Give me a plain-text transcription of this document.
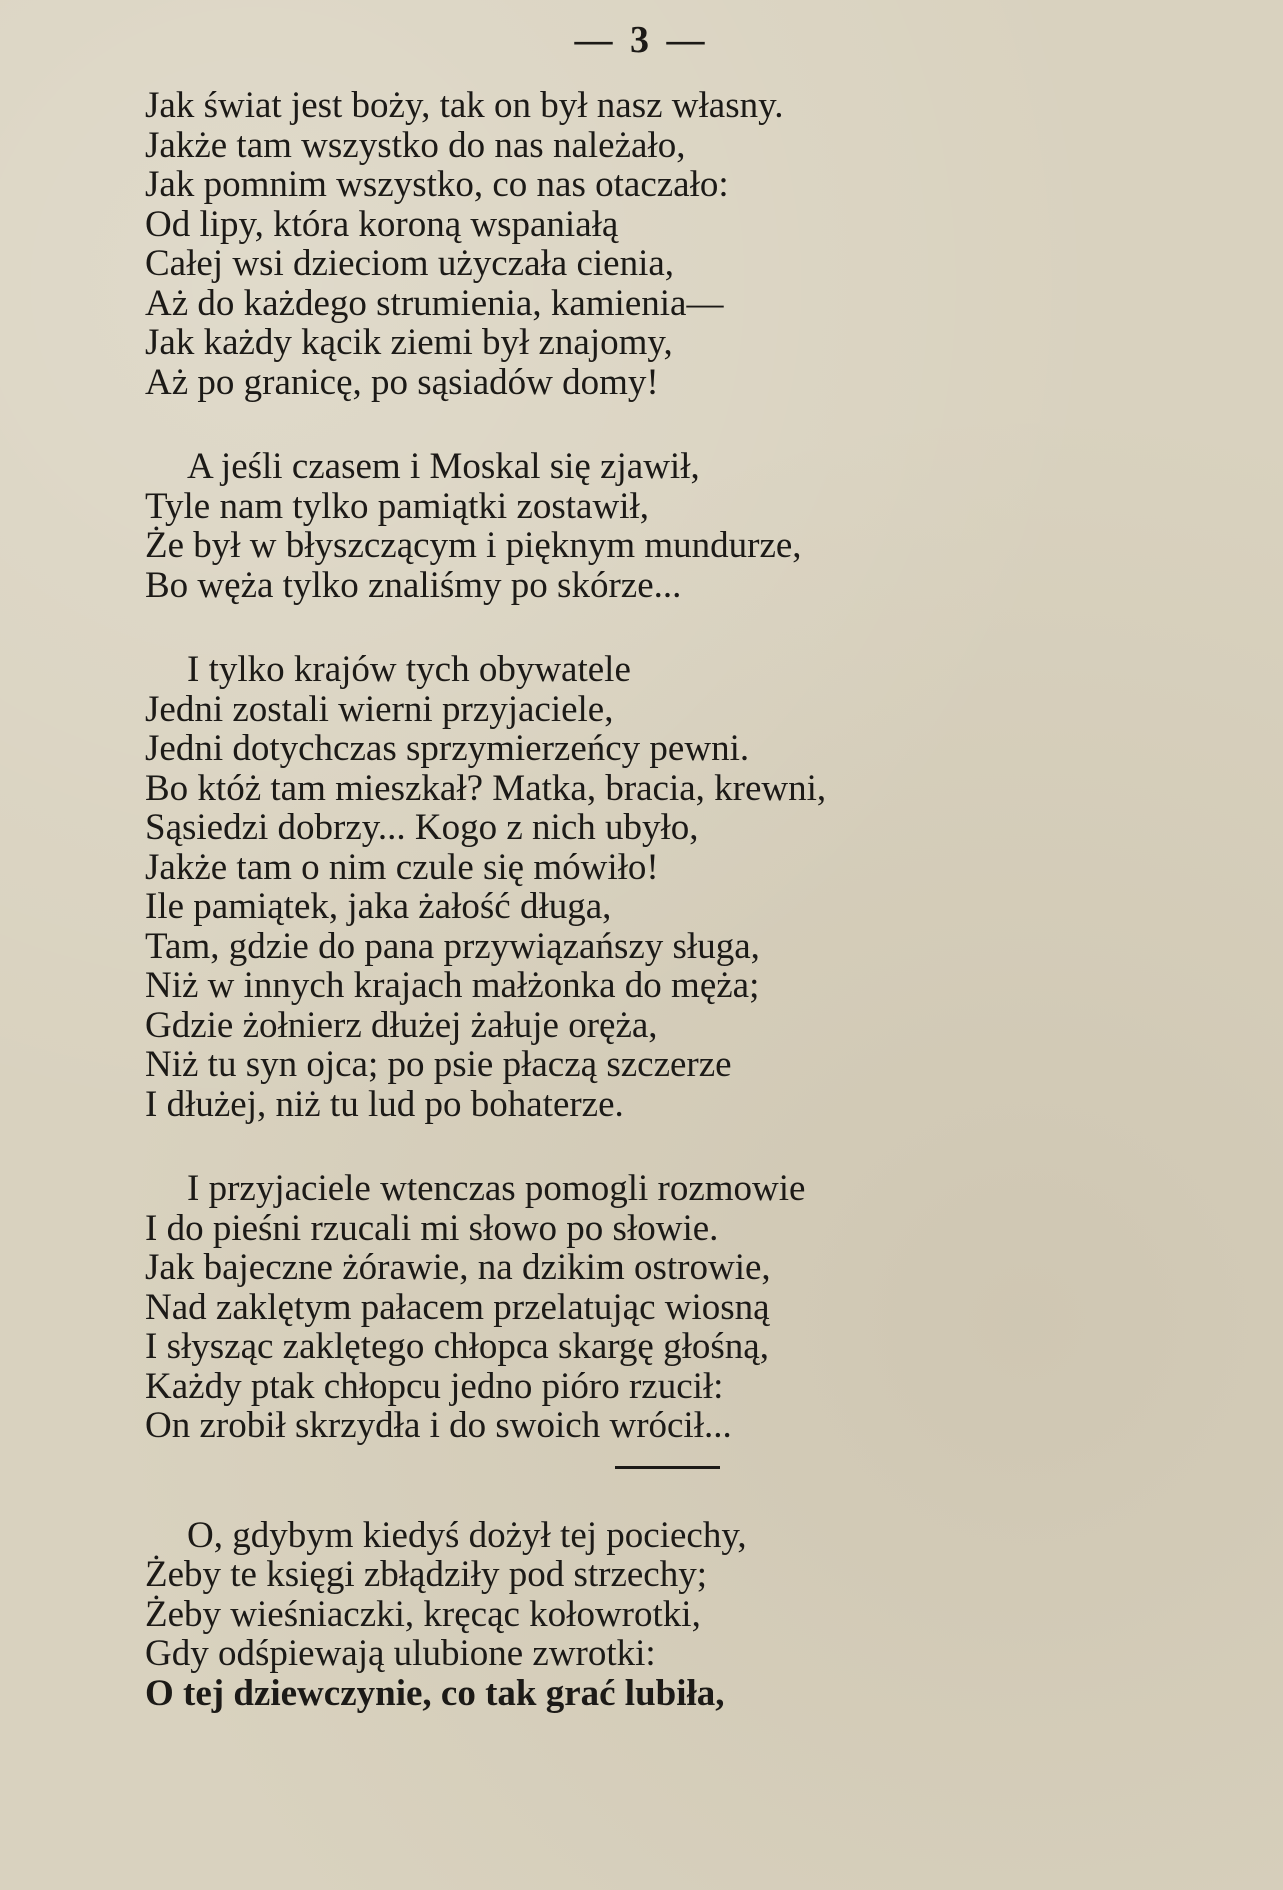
— 3 —
Jak świat jest boży, tak on był nasz własny.
Jakże tam wszystko do nas należało,
Jak pomnim wszystko, co nas otaczało:
Od lipy, która koroną wspaniałą
Całej wsi dzieciom użyczała cienia,
Aż do każdego strumienia, kamienia—
Jak każdy kącik ziemi był znajomy,
Aż po granicę, po sąsiadów domy!
A jeśli czasem i Moskal się zjawił,
Tyle nam tylko pamiątki zostawił,
Że był w błyszczącym i pięknym mundurze,
Bo węża tylko znaliśmy po skórze...
I tylko krajów tych obywatele
Jedni zostali wierni przyjaciele,
Jedni dotychczas sprzymierzeńcy pewni.
Bo któż tam mieszkał? Matka, bracia, krewni,
Sąsiedzi dobrzy... Kogo z nich ubyło,
Jakże tam o nim czule się mówiło!
Ile pamiątek, jaka żałość długa,
Tam, gdzie do pana przywiązańszy sługa,
Niż w innych krajach małżonka do męża;
Gdzie żołnierz dłużej żałuje oręża,
Niż tu syn ojca; po psie płaczą szczerze
I dłużej, niż tu lud po bohaterze.
I przyjaciele wtenczas pomogli rozmowie
I do pieśni rzucali mi słowo po słowie.
Jak bajeczne żórawie, na dzikim ostrowie,
Nad zaklętym pałacem przelatując wiosną
I słysząc zaklętego chłopca skargę głośną,
Każdy ptak chłopcu jedno pióro rzucił:
On zrobił skrzydła i do swoich wrócił...
O, gdybym kiedyś dożył tej pociechy,
Żeby te księgi zbłądziły pod strzechy;
Żeby wieśniaczki, kręcąc kołowrotki,
Gdy odśpiewają ulubione zwrotki:
O tej dziewczynie, co tak grać lubiła,
